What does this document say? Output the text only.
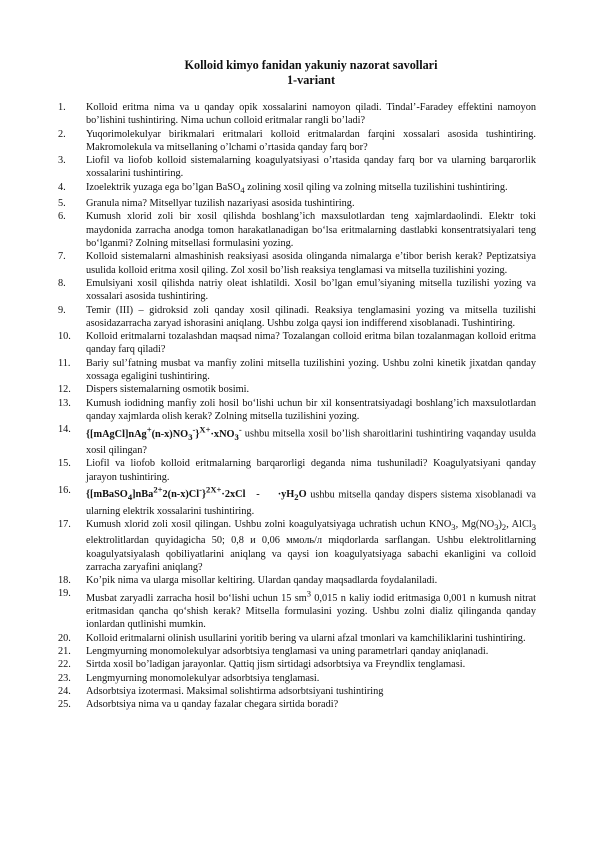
Kolloid kimyo fanidan yakuniy nazorat savollari

1-variant

1.	Kolloid eritma nima va u qanday opik xossalarini namoyon qiladi. Tindal’-Faradey effektini namoyon bo’lishini tushintiring. Nima uchun colloid eritmalar rangli bo’ladi?
2.	Yuqorimolekulyar birikmalari eritmalari kolloid eritmalardan farqini xossalari asosida tushintiring. Makromolekula va mitsellaning o’lchami o’rtasida qanday farq bor?
3.	Liofil va liofob kolloid sistemalarning koagulyatsiyasi o’rtasida qanday farq bor va ularning barqarorlik xossalarini tushintiring.
4.	Izoelektrik yuzaga ega bo’lgan BaSO$_4$ zolining xosil qiling va zolning mitsella tuzilishini tushintiring.
5.	Granula nima? Mitsellyar tuzilish nazariyasi asosida tushintiring.
6.	Kumush xlorid zoli bir xosil qilishda boshlang’ich maxsulotlardan teng xajmlardaolindi. Elektr toki maydonida zarracha anodga tomon harakatlanadigan bo‘lsa eritmalarning dastlabki konsentratsiyalari teng bo‘lganmi? Zolning mitsellasi formulasini yozing.
7.	Kolloid sistemalarni almashinish reaksiyasi asosida olinganda nimalarga e’tibor berish kerak? Peptizatsiya usulida kolloid eritma xosil qiling. Zol xosil bo’lish reaksiya tenglamasi va mitsella tuzilishini yozing.
8.	Emulsiyani xosil qilishda natriy oleat ishlatildi. Xosil bo’lgan emul’siyaning mitsella tuzilishi yozing va xossalari asosida tushintiring.
9.	Temir (III) – gidroksid zoli qanday xosil qilinadi. Reaksiya tenglamasini yozing va mitsella tuzilishi asosidazarracha zaryad ishorasini aniqlang. Ushbu zolga qaysi ion indifferend xisoblanadi. Tushintiring.
10.	Kolloid eritmalarni tozalashdan maqsad nima? Tozalangan colloid eritma bilan tozalanmagan kolloid eritma qanday farq qiladi?
11.	Bariy sul’fatning musbat va manfiy zolini mitsella tuzilishini yozing. Ushbu zolni kinetik jixatdan qanday xossaga egaligini tushintiring.
12.	Dispers sistemalarning osmotik bosimi.
13.	Kumush iodidning manfiy zoli hosil bo‘lishi uchun bir xil konsentratsiyadagi boshlang’ich maxsulotlardan qanday xajmlarda olish kerak? Zolning mitsella tuzilishini yozing.
14.	$\{[mAgCl]nAg^+(n-x)NO_3^-\}^{X+}\cdot xNO_3^-$ ushbu mitsella xosil bo’lish sharoitlarini tushintiring vaqanday usulda xosil qilingan?
15.	Liofil va liofob kolloid eritmalarning barqarorligi deganda nima tushuniladi? Koagulyatsiyani qanday jarayon tushintiring.
16.	{[mBaSO$_4$]nBa$^{2+}$2(n-x)Cl-}$^{2X+}$·2xCl   -     $\cdot yH_2O$ ushbu mitsella qanday dispers sistema xisoblanadi va ularning elektrik xossalarini tushintiring.
17.	Kumush xlorid zoli xosil qilingan. Ushbu zolni koagulyatsiyaga uchratish uchun $KNO_3$, $Mg(NO_3)_2$, AlCl$_3$ elektrolitlardan quyidagicha 50; 0,8 и 0,06 ммоль/л miqdorlarda sarflangan. Ushbu elektrolitlarning koagulyatsiyalash qobiliyatlarini aniqlang va qaysi ion koagulyatsiyaga sabachi ekanligini va colloid zarracha zaryafini aniqlang?
18.	Ko’pik nima va ularga misollar keltiring. Ulardan qanday maqsadlarda foydalaniladi.
19.	Musbat zaryadli zarracha hosil bo‘lishi uchun 15 $sm^3$ 0,015 n kaliy iodid eritmasiga 0,001 n kumush nitrat eritmasidan qancha qo‘shish kerak? Mitsella formulasini yozing. Ushbu zolni dializ qilinganda qanday ionlardan qutlinishi mumkin.
20.	Kolloid eritmalarni olinish usullarini yoritib bering va ularni afzal tmonlari va kamchiliklarini tushintiring.
21.	Lengmyurning monomolekulyar adsorbtsiya tenglamasi va uning parametrlari qanday aniqlanadi.
22.	Sirtda xosil bo’ladigan jarayonlar. Qattiq jism sirtidagi adsorbtsiya va Freyndlix tenglamasi.
23.	Lengmyurning monomolekulyar adsorbtsiya tenglamasi.
24.	Adsorbtsiya izotermasi. Maksimal solishtirma adsorbtsiyani tushintiring
25.	Adsorbtsiya nima va u qanday fazalar chegara sirtida boradi?
